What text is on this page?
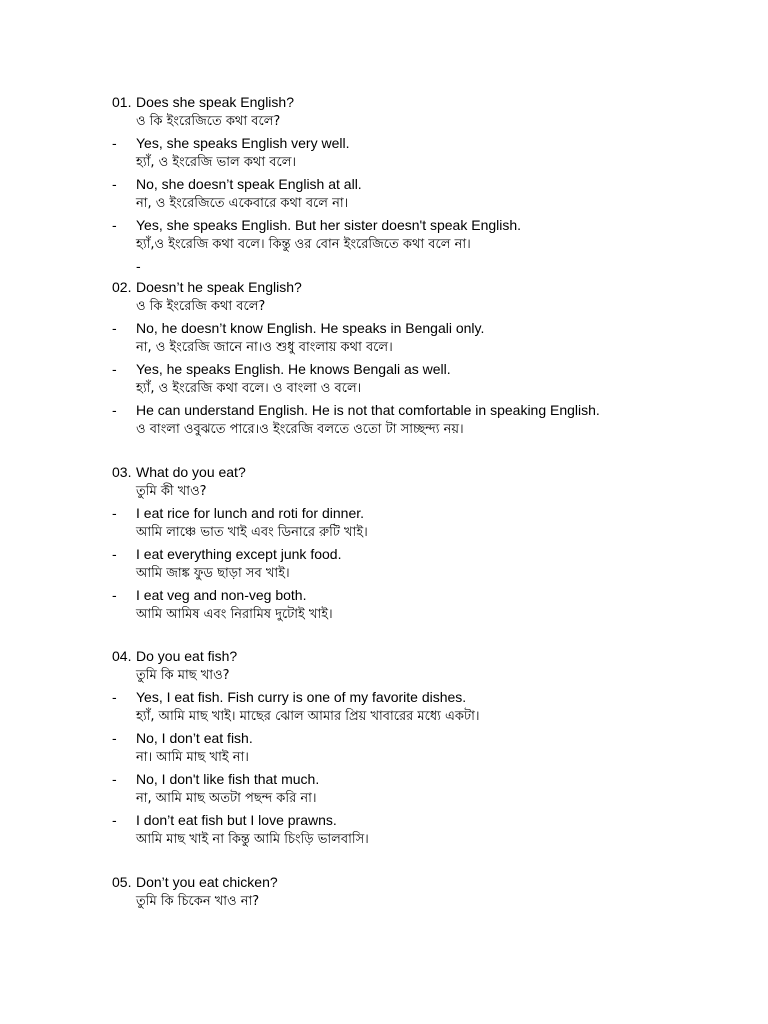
01. Does she speak English?
ও কি ইংরেজিতে কথা বলে?
- Yes, she speaks English very well.
হ্যাঁ, ও ইংরেজি ভাল কথা বলে।
- No, she doesn’t speak English at all.
না, ও ইংরেজিতে একেবারে কথা বলে না।
- Yes, she speaks English. But her sister doesn't speak English.
হ্যাঁ,ও ইংরেজি কথা বলে। কিন্তু ওর বোন ইংরেজিতে কথা বলে না।
-
02. Doesn’t he speak English?
ও কি ইংরেজি কথা বলে?
- No, he doesn’t know English. He speaks in Bengali only.
না, ও ইংরেজি জানে না।ও শুধু বাংলায় কথা বলে।
- Yes, he speaks English. He knows Bengali as well.
হ্যাঁ, ও ইংরেজি কথা বলে। ও বাংলা ও বলে।
- He can understand English. He is not that comfortable in speaking English.
ও বাংলা ওবুঝতে পারে।ও ইংরেজি বলতে ওতো টা সাচ্ছন্দ্য নয়।
03. What do you eat?
তুমি কী খাও?
- I eat rice for lunch and roti for dinner.
আমি লাঞ্চে ভাত খাই এবং ডিনারে রুটি খাই।
- I eat everything except junk food.
আমি জাঙ্ক ফুড ছাড়া সব খাই।
- I eat veg and non-veg both.
আমি আমিষ এবং নিরামিষ দুটোই খাই।
04. Do you eat fish?
তুমি কি মাছ খাও?
- Yes, I eat fish. Fish curry is one of my favorite dishes.
হ্যাঁ, আমি মাছ খাই। মাছের ঝোল আমার প্রিয় খাবারের মধ্যে একটা।
- No, I don’t eat fish.
না। আমি মাছ খাই না।
- No, I don't like fish that much.
না, আমি মাছ অতটা পছন্দ করি না।
- I don’t eat fish but I love prawns.
আমি মাছ খাই না কিন্তু আমি চিংড়ি ভালবাসি।
05. Don’t you eat chicken?
তুমি কি চিকেন খাও না?
